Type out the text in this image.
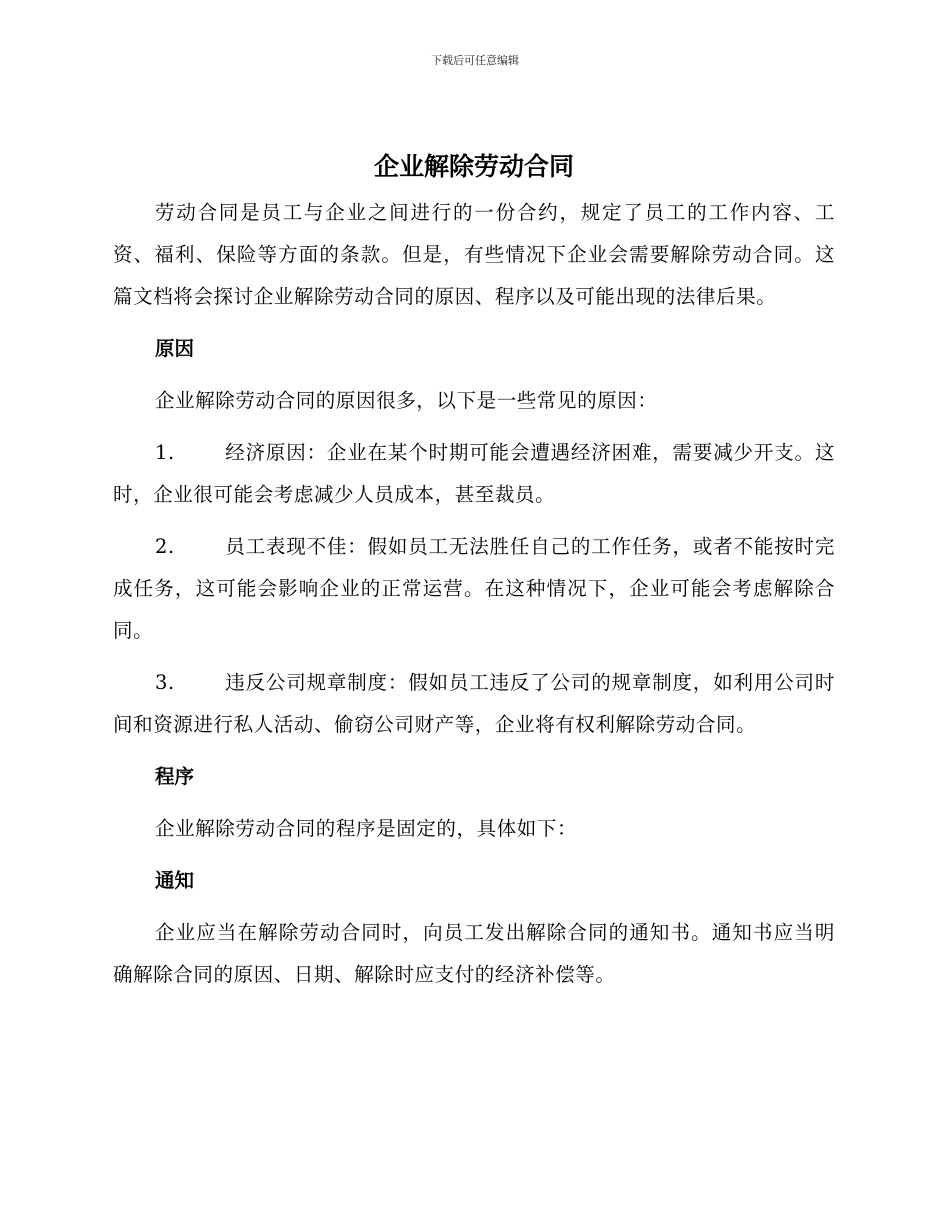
下载后可任意编辑
企业解除劳动合同

劳动合同是员工与企业之间进行的一份合约，规定了员工的工作内容、工资、福利、保险等方面的条款。但是，有些情况下企业会需要解除劳动合同。这篇文档将会探讨企业解除劳动合同的原因、程序以及可能出现的法律后果。

原因

企业解除劳动合同的原因很多，以下是一些常见的原因：

1.	经济原因：企业在某个时期可能会遭遇经济困难，需要减少开支。这时，企业很可能会考虑减少人员成本，甚至裁员。

2.	员工表现不佳：假如员工无法胜任自己的工作任务，或者不能按时完成任务，这可能会影响企业的正常运营。在这种情况下，企业可能会考虑解除合同。

3.	违反公司规章制度：假如员工违反了公司的规章制度，如利用公司时间和资源进行私人活动、偷窃公司财产等，企业将有权利解除劳动合同。

程序

企业解除劳动合同的程序是固定的，具体如下：

通知

企业应当在解除劳动合同时，向员工发出解除合同的通知书。通知书应当明确解除合同的原因、日期、解除时应支付的经济补偿等。
